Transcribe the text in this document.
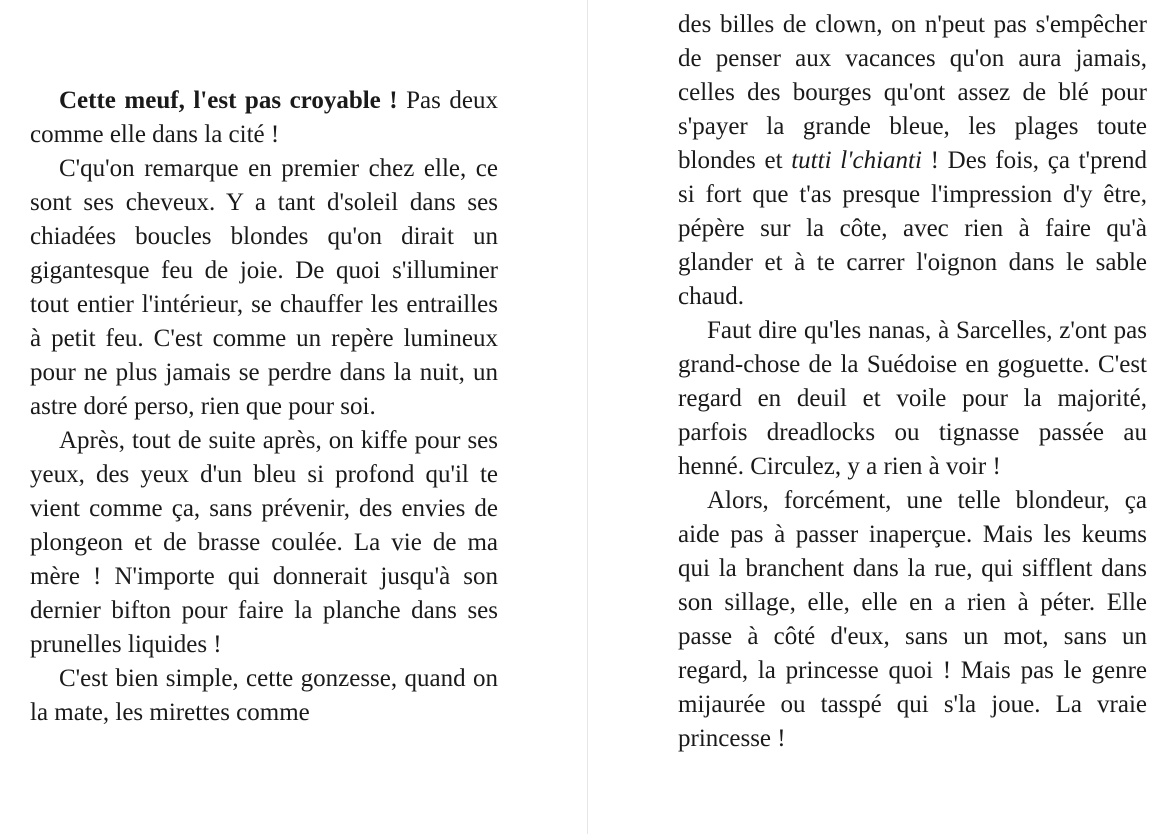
Cette meuf, l'est pas croyable ! Pas deux comme elle dans la cité !

C'qu'on remarque en premier chez elle, ce sont ses cheveux. Y a tant d'soleil dans ses chiadées boucles blondes qu'on dirait un gigantesque feu de joie. De quoi s'illuminer tout entier l'intérieur, se chauffer les entrailles à petit feu. C'est comme un repère lumineux pour ne plus jamais se perdre dans la nuit, un astre doré perso, rien que pour soi.

Après, tout de suite après, on kiffe pour ses yeux, des yeux d'un bleu si profond qu'il te vient comme ça, sans prévenir, des envies de plongeon et de brasse coulée. La vie de ma mère ! N'importe qui donnerait jusqu'à son dernier bifton pour faire la planche dans ses prunelles liquides !

C'est bien simple, cette gonzesse, quand on la mate, les mirettes comme

des billes de clown, on n'peut pas s'empêcher de penser aux vacances qu'on aura jamais, celles des bourges qu'ont assez de blé pour s'payer la grande bleue, les plages toute blondes et tutti l'chianti ! Des fois, ça t'prend si fort que t'as presque l'impression d'y être, pépère sur la côte, avec rien à faire qu'à glander et à te carrer l'oignon dans le sable chaud.

Faut dire qu'les nanas, à Sarcelles, z'ont pas grand-chose de la Suédoise en goguette. C'est regard en deuil et voile pour la majorité, parfois dreadlocks ou tignasse passée au henné. Circulez, y a rien à voir !

Alors, forcément, une telle blondeur, ça aide pas à passer inaperçue. Mais les keums qui la branchent dans la rue, qui sifflent dans son sillage, elle, elle en a rien à péter. Elle passe à côté d'eux, sans un mot, sans un regard, la princesse quoi ! Mais pas le genre mijaurée ou tasspé qui s'la joue. La vraie princesse !
